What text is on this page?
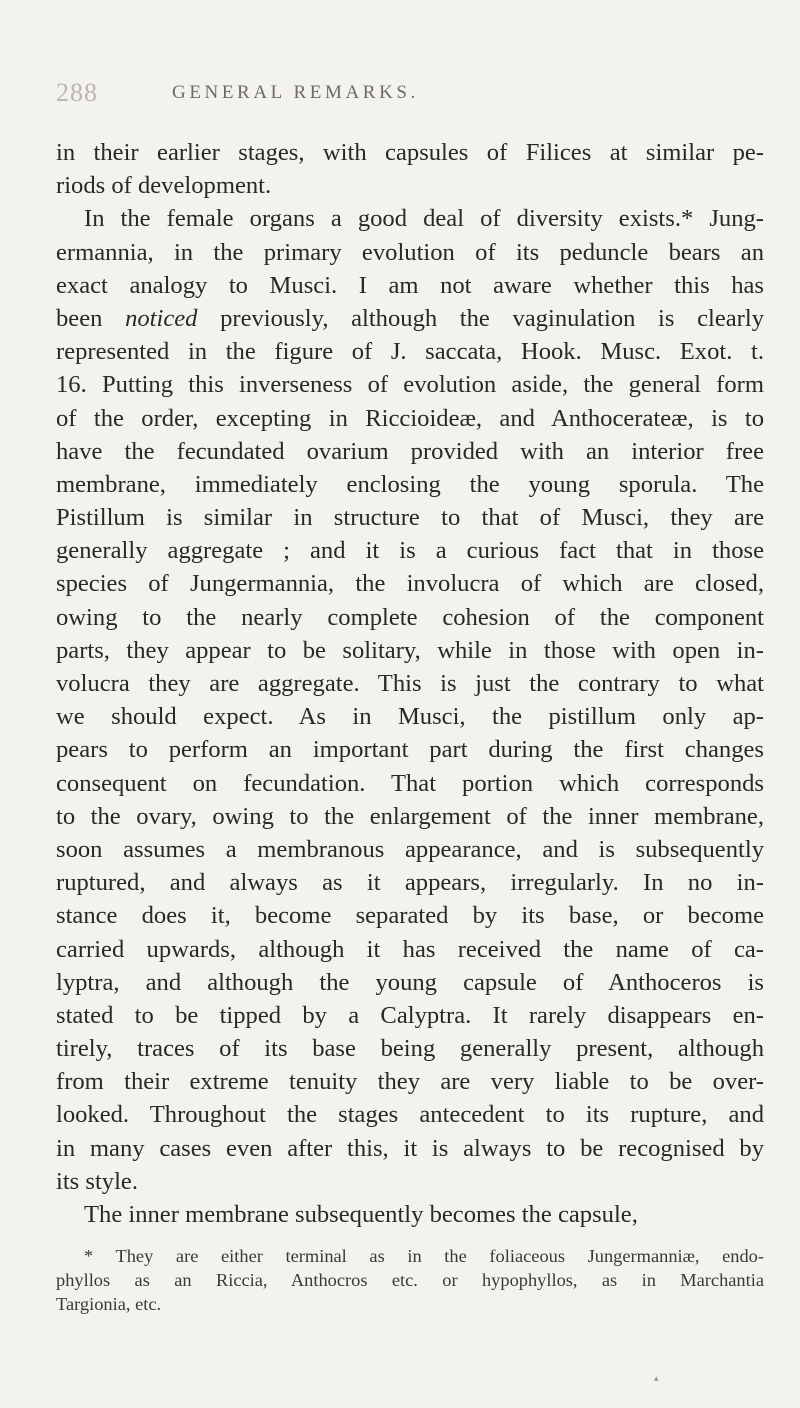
288	GENERAL REMARKS.
in their earlier stages, with capsules of Filices at similar pe-
riods of development.
In the female organs a good deal of diversity exists.* Jung-
ermannia, in the primary evolution of its peduncle bears an
exact analogy to Musci. I am not aware whether this has
been noticed previously, although the vaginulation is clearly
represented in the figure of J. saccata, Hook. Musc. Exot. t.
16. Putting this inverseness of evolution aside, the general form
of the order, excepting in Riccioideæ, and Anthocerateæ, is to
have the fecundated ovarium provided with an interior free
membrane, immediately enclosing the young sporula. The
Pistillum is similar in structure to that of Musci, they are
generally aggregate ; and it is a curious fact that in those
species of Jungermannia, the involucra of which are closed,
owing to the nearly complete cohesion of the component
parts, they appear to be solitary, while in those with open in-
volucra they are aggregate. This is just the contrary to what
we should expect. As in Musci, the pistillum only ap-
pears to perform an important part during the first changes
consequent on fecundation. That portion which corresponds
to the ovary, owing to the enlargement of the inner membrane,
soon assumes a membranous appearance, and is subsequently
ruptured, and always as it appears, irregularly. In no in-
stance does it, become separated by its base, or become
carried upwards, although it has received the name of ca-
lyptra, and although the young capsule of Anthoceros is
stated to be tipped by a Calyptra. It rarely disappears en-
tirely, traces of its base being generally present, although
from their extreme tenuity they are very liable to be over-
looked. Throughout the stages antecedent to its rupture, and
in many cases even after this, it is always to be recognised by
its style.
The inner membrane subsequently becomes the capsule,
* They are either terminal as in the foliaceous Jungermanniæ, endo-
phyllos as an Riccia, Anthocros etc. or hypophyllos, as in Marchantia
Targionia, etc.
▴
